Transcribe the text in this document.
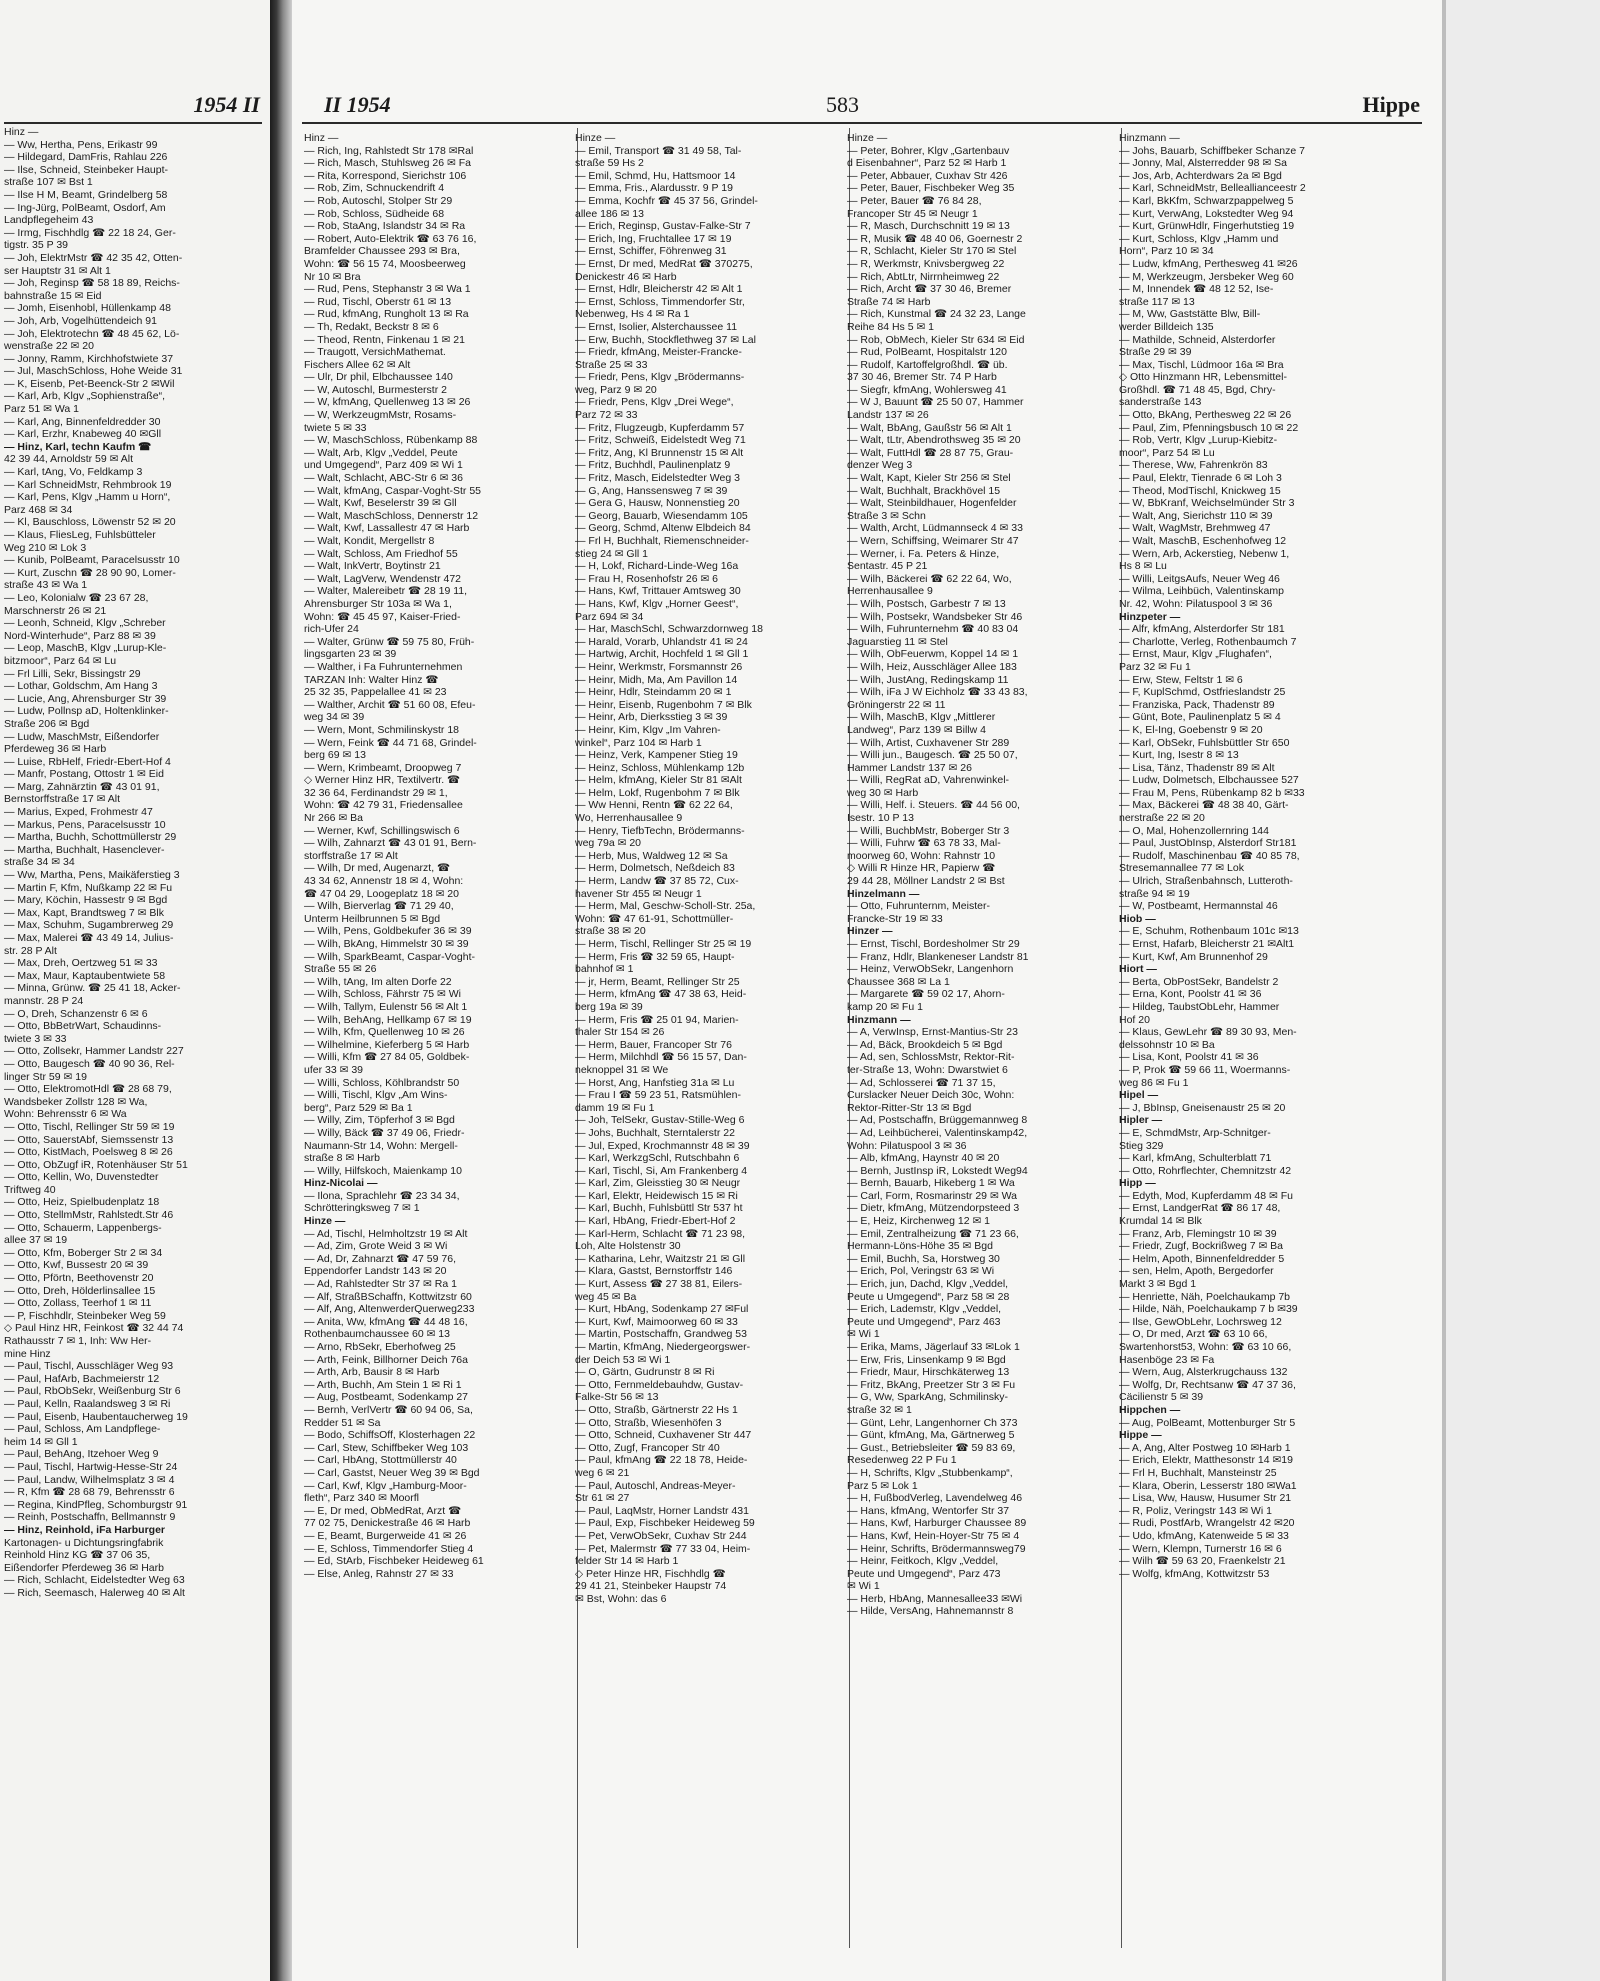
1954 II
Hinz —
— Ww, Hertha, Pens, Erikastr 99
— Hildegard, DamFris, Rahlau 226
— Ilse, Schneid, Steinbeker Haupt-
straße 107 ✉ Bst 1
— Ilse H M, Beamt, Grindelberg 58
— Ing-Jürg, PolBeamt, Osdorf, Am
Landpflegeheim 43
— Irmg, Fischhdlg ☎ 22 18 24, Ger-
tigstr. 35 P 39
— Joh, ElektrMstr ☎ 42 35 42, Otten-
ser Hauptstr 31 ✉ Alt 1
— Joh, Reginsp ☎ 58 18 89, Reichs-
bahnstraße 15 ✉ Eid
— Jomh, Eisenhobl, Hüllenkamp 48
— Joh, Arb, Vogelhüttendeich 91
— Joh, Elektrotechn ☎ 48 45 62, Lö-
wenstraße 22 ✉ 20
— Jonny, Ramm, Kirchhofstwiete 37
— Jul, MaschSchloss, Hohe Weide 31
— K, Eisenb, Pet-Beenck-Str 2 ✉Wil
— Karl, Arb, Klgv „Sophienstraße“,
Parz 51 ✉ Wa 1
— Karl, Ang, Binnenfeldredder 30
— Karl, Erzhr, Knabeweg 40 ✉Gll
— Hinz, Karl, techn Kaufm ☎
42 39 44, Arnoldstr 59 ✉ Alt
— Karl, tAng, Vo, Feldkamp 3
— Karl SchneidMstr, Rehmbrook 19
— Karl, Pens, Klgv „Hamm u Horn“,
Parz 468 ✉ 34
— Kl, Bauschloss, Löwenstr 52 ✉ 20
— Klaus, FliesLeg, Fuhlsbütteler
Weg 210 ✉ Lok 3
— Kunib, PolBeamt, Paracelsusstr 10
— Kurt, Zuschn ☎ 28 90 90, Lomer-
straße 43 ✉ Wa 1
— Leo, Kolonialw ☎ 23 67 28,
Marschnerstr 26 ✉ 21
— Leonh, Schneid, Klgv „Schreber
Nord-Winterhude“, Parz 88 ✉ 39
— Leop, MaschB, Klgv „Lurup-Kle-
bitzmoor“, Parz 64 ✉ Lu
— Frl Lilli, Sekr, Bissingstr 29
— Lothar, Goldschm, Am Hang 3
— Lucie, Ang, Ahrensburger Str 39
— Ludw, Pollnsp aD, Holtenklinker-
Straße 206 ✉ Bgd
— Ludw, MaschMstr, Eißendorfer
Pferdeweg 36 ✉ Harb
— Luise, RbHelf, Friedr-Ebert-Hof 4
— Manfr, Postang, Ottostr 1 ✉ Eid
— Marg, Zahnärztin ☎ 43 01 91,
Bernstorffstraße 17 ✉ Alt
— Marius, Exped, Frohmestr 47
— Markus, Pens, Paracelsusstr 10
— Martha, Buchh, Schottmüllerstr 29
— Martha, Buchhalt, Hasenclever-
straße 34 ✉ 34
— Ww, Martha, Pens, Maikäferstieg 3
— Martin F, Kfm, Nußkamp 22 ✉ Fu
— Mary, Köchin, Hassestr 9 ✉ Bgd
— Max, Kapt, Brandtsweg 7 ✉ Blk
— Max, Schuhm, Sugambrerweg 29
— Max, Malerei ☎ 43 49 14, Julius-
str. 28 P Alt
— Max, Dreh, Oertzweg 51 ✉ 33
— Max, Maur, Kaptaubentwiete 58
— Minna, Grünw. ☎ 25 41 18, Acker-
mannstr. 28 P 24
— O, Dreh, Schanzenstr 6 ✉ 6
— Otto, BbBetrWart, Schaudinns-
twiete 3 ✉ 33
— Otto, Zollsekr, Hammer Landstr 227
— Otto, Baugesch ☎ 40 90 36, Rel-
linger Str 59 ✉ 19
— Otto, ElektromotHdl ☎ 28 68 79,
Wandsbeker Zollstr 128 ✉ Wa,
Wohn: Behrensstr 6 ✉ Wa
— Otto, Tischl, Rellinger Str 59 ✉ 19
— Otto, SauerstAbf, Siemssenstr 13
— Otto, KistMach, Poelsweg 8 ✉ 26
— Otto, ObZugf iR, Rotenhäuser Str 51
— Otto, Kellin, Wo, Duvenstedter
Triftweg 40
— Otto, Heiz, Spielbudenplatz 18
— Otto, StellmMstr, Rahlstedt.Str 46
— Otto, Schauerm, Lappenbergs-
allee 37 ✉ 19
— Otto, Kfm, Boberger Str 2 ✉ 34
— Otto, Kwf, Bussestr 20 ✉ 39
— Otto, Pförtn, Beethovenstr 20
— Otto, Dreh, Hölderlinsallee 15
— Otto, Zollass, Teerhof 1 ✉ 11
— P, Fischhdlr, Steinbeker Weg 59
◇ Paul Hinz HR, Feinkost ☎ 32 44 74
Rathausstr 7 ✉ 1, Inh: Ww Her-
mine Hinz
— Paul, Tischl, Ausschläger Weg 93
— Paul, HafArb, Bachmeierstr 12
— Paul, RbObSekr, Weißenburg Str 6
— Paul, Kelln, Raalandsweg 3 ✉ Ri
— Paul, Eisenb, Haubentaucherweg 19
— Paul, Schloss, Am Landpflege-
heim 14 ✉ Gll 1
— Paul, BehAng, Itzehoer Weg 9
— Paul, Tischl, Hartwig-Hesse-Str 24
— Paul, Landw, Wilhelmsplatz 3 ✉ 4
— R, Kfm ☎ 28 68 79, Behrensstr 6
— Regina, KindPfleg, Schomburgstr 91
— Reinh, Postschaffn, Bellmannstr 9
— Hinz, Reinhold, iFa Harburger
Kartonagen- u Dichtungsringfabrik
Reinhold Hinz KG ☎ 37 06 35,
Eißendorfer Pferdeweg 36 ✉ Harb
— Rich, Schlacht, Eidelstedter Weg 63
— Rich, Seemasch, Halerweg 40 ✉ Alt
II 1954	583	Hippe
Hinz —
— Rich, Ing, Rahlstedt Str 178 ✉Ral
— Rich, Masch, Stuhlsweg 26 ✉ Fa
— Rita, Korrespond, Sierichstr 106
— Rob, Zim, Schnuckendrift 4
— Rob, Autoschl, Stolper Str 29
— Rob, Schloss, Südheide 68
— Rob, StaAng, Islandstr 34 ✉ Ra
— Robert, Auto-Elektrik ☎ 63 76 16,
Bramfelder Chaussee 293 ✉ Bra,
Wohn: ☎ 56 15 74, Moosbeerweg
Nr 10 ✉ Bra
— Rud, Pens, Stephanstr 3 ✉ Wa 1
— Rud, Tischl, Oberstr 61 ✉ 13
— Rud, kfmAng, Rungholt 13 ✉ Ra
— Th, Redakt, Beckstr 8 ✉ 6
— Theod, Rentn, Finkenau 1 ✉ 21
— Traugott, VersichMathemat.
Fischers Allee 62 ✉ Alt
— Ulr, Dr phil, Elbchaussee 140
— W, Autoschl, Burmesterstr 2
— W, kfmAng, Quellenweg 13 ✉ 26
— W, WerkzeugmMstr, Rosams-
twiete 5 ✉ 33
— W, MaschSchloss, Rübenkamp 88
— Walt, Arb, Klgv „Veddel, Peute
und Umgegend“, Parz 409 ✉ Wi 1
— Walt, Schlacht, ABC-Str 6 ✉ 36
— Walt, kfmAng, Caspar-Voght-Str 55
— Walt, Kwf, Beselerstr 39 ✉ Gll
— Walt, MaschSchloss, Dennerstr 12
— Walt, Kwf, Lassallestr 47 ✉ Harb
— Walt, Kondit, Mergellstr 8
— Walt, Schloss, Am Friedhof 55
— Walt, InkVertr, Boytinstr 21
— Walt, LagVerw, Wendenstr 472
— Walter, Malereibetr ☎ 28 19 11,
Ahrensburger Str 103a ✉ Wa 1,
Wohn: ☎ 45 45 97, Kaiser-Fried-
rich-Ufer 24
— Walter, Grünw ☎ 59 75 80, Früh-
lingsgarten 23 ✉ 39
— Walther, i Fa Fuhrunternehmen
TARZAN Inh: Walter Hinz ☎
25 32 35, Pappelallee 41 ✉ 23
— Walther, Archit ☎ 51 60 08, Efeu-
weg 34 ✉ 39
— Wern, Mont, Schmilinskystr 18
— Wern, Feink ☎ 44 71 68, Grindel-
berg 69 ✉ 13
— Wern, Krimbeamt, Droopweg 7
◇ Werner Hinz HR, Textilvertr. ☎
32 36 64, Ferdinandstr 29 ✉ 1,
Wohn: ☎ 42 79 31, Friedensallee
Nr 266 ✉ Ba
— Werner, Kwf, Schillingswisch 6
— Wilh, Zahnarzt ☎ 43 01 91, Bern-
storffstraße 17 ✉ Alt
— Wilh, Dr med, Augenarzt, ☎
43 34 62, Annenstr 18 ✉ 4, Wohn:
☎ 47 04 29, Loogeplatz 18 ✉ 20
— Wilh, Bierverlag ☎ 71 29 40,
Unterm Heilbrunnen 5 ✉ Bgd
— Wilh, Pens, Goldbekufer 36 ✉ 39
— Wilh, BkAng, Himmelstr 30 ✉ 39
— Wilh, SparkBeamt, Caspar-Voght-
Straße 55 ✉ 26
— Wilh, tAng, Im alten Dorfe 22
— Wilh, Schloss, Fährstr 75 ✉ Wi
— Wilh, Tallym, Eulenstr 56 ✉ Alt 1
— Wilh, BehAng, Hellkamp 67 ✉ 19
— Wilh, Kfm, Quellenweg 10 ✉ 26
— Wilhelmine, Kieferberg 5 ✉ Harb
— Willi, Kfm ☎ 27 84 05, Goldbek-
ufer 33 ✉ 39
— Willi, Schloss, Köhlbrandstr 50
— Willi, Tischl, Klgv „Am Wins-
berg“, Parz 529 ✉ Ba 1
— Willy, Zim, Töpferhof 3 ✉ Bgd
— Willy, Bäck ☎ 37 49 06, Friedr-
Naumann-Str 14, Wohn: Mergell-
straße 8 ✉ Harb
— Willy, Hilfskoch, Maienkamp 10
Hinz-Nicolai —
— Ilona, Sprachlehr ☎ 23 34 34,
Schrötteringksweg 7 ✉ 1
Hinze —
— Ad, Tischl, Helmholtzstr 19 ✉ Alt
— Ad, Zim, Grote Weid 3 ✉ Wi
— Ad, Dr, Zahnarzt ☎ 47 59 76,
Eppendorfer Landstr 143 ✉ 20
— Ad, Rahlstedter Str 37 ✉ Ra 1
— Alf, StraßBSchaffn, Kottwitzstr 60
— Alf, Ang, AltenwerderQuerweg233
— Anita, Ww, kfmAng ☎ 44 48 16,
Rothenbaumchaussee 60 ✉ 13
— Arno, RbSekr, Eberhofweg 25
— Arth, Feink, Billhorner Deich 76a
— Arth, Arb, Bausir 8 ✉ Harb
— Arth, Buchh, Am Stein 1 ✉ Ri 1
— Aug, Postbeamt, Sodenkamp 27
— Bernh, VerlVertr ☎ 60 94 06, Sa,
Redder 51 ✉ Sa
— Bodo, SchiffsOff, Klosterhagen 22
— Carl, Stew, Schiffbeker Weg 103
— Carl, HbAng, Stottmüllerstr 40
— Carl, Gastst, Neuer Weg 39 ✉ Bgd
— Carl, Kwf, Klgv „Hamburg-Moor-
fleth“, Parz 340 ✉ Moorfl
— E, Dr med, ObMedRat, Arzt ☎
77 02 75, Denickestraße 46 ✉ Harb
— E, Beamt, Burgerweide 41 ✉ 26
— E, Schloss, Timmendorfer Stieg 4
— Ed, StArb, Fischbeker Heideweg 61
— Else, Anleg, Rahnstr 27 ✉ 33
Hinze —
— Emil, Transport ☎ 31 49 58, Tal-
straße 59 Hs 2
— Emil, Schmd, Hu, Hattsmoor 14
— Emma, Fris., Alardusstr. 9 P 19
— Emma, Kochfr ☎ 45 37 56, Grindel-
allee 186 ✉ 13
— Erich, Reginsp, Gustav-Falke-Str 7
— Erich, Ing, Fruchtallee 17 ✉ 19
— Ernst, Schiffer, Föhrenweg 31
— Ernst, Dr med, MedRat ☎ 370275,
Denickestr 46 ✉ Harb
— Ernst, Hdlr, Bleicherstr 42 ✉ Alt 1
— Ernst, Schloss, Timmendorfer Str,
Nebenweg, Hs 4 ✉ Ra 1
— Ernst, Isolier, Alsterchaussee 11
— Erw, Buchh, Stockflethweg 37 ✉ Lal
— Friedr, kfmAng, Meister-Francke-
Straße 25 ✉ 33
— Friedr, Pens, Klgv „Brödermanns-
weg, Parz 9 ✉ 20
— Friedr, Pens, Klgv „Drei Wege“,
Parz 72 ✉ 33
— Fritz, Flugzeugb, Kupferdamm 57
— Fritz, Schweiß, Eidelstedt Weg 71
— Fritz, Ang, Kl Brunnenstr 15 ✉ Alt
— Fritz, Buchhdl, Paulinenplatz 9
— Fritz, Masch, Eidelstedter Weg 3
— G, Ang, Hanssensweg 7 ✉ 39
— Gera G, Hausw, Nonnenstieg 20
— Georg, Bauarb, Wiesendamm 105
— Georg, Schmd, Altenw Elbdeich 84
— Frl H, Buchhalt, Riemenschneider-
stieg 24 ✉ Gll 1
— H, Lokf, Richard-Linde-Weg 16a
— Frau H, Rosenhofstr 26 ✉ 6
— Hans, Kwf, Trittauer Amtsweg 30
— Hans, Kwf, Klgv „Horner Geest“,
Parz 694 ✉ 34
— Har, MaschSchl, Schwarzdornweg 18
— Harald, Vorarb, Uhlandstr 41 ✉ 24
— Hartwig, Archit, Hochfeld 1 ✉ Gll 1
— Heinr, Werkmstr, Forsmannstr 26
— Heinr, Midh, Ma, Am Pavillon 14
— Heinr, Hdlr, Steindamm 20 ✉ 1
— Heinr, Eisenb, Rugenbohm 7 ✉ Blk
— Heinr, Arb, Dierksstieg 3 ✉ 39
— Heinr, Kim, Klgv „Im Vahren-
winkel“, Parz 104 ✉ Harb 1
— Heinz, Verk, Kampener Stieg 19
— Heinz, Schloss, Mühlenkamp 12b
— Helm, kfmAng, Kieler Str 81 ✉Alt
— Helm, Lokf, Rugenbohm 7 ✉ Blk
— Ww Henni, Rentn ☎ 62 22 64,
Wo, Herrenhausallee 9
— Henry, TiefbTechn, Brödermanns-
weg 79a ✉ 20
— Herb, Mus, Waldweg 12 ✉ Sa
— Herm, Dolmetsch, Neßdeich 83
— Herm, Landw ☎ 37 85 72, Cux-
havener Str 455 ✉ Neugr 1
— Herm, Mal, Geschw-Scholl-Str. 25a,
Wohn: ☎ 47 61-91, Schottmüller-
straße 38 ✉ 20
— Herm, Tischl, Rellinger Str 25 ✉ 19
— Herm, Fris ☎ 32 59 65, Haupt-
bahnhof ✉ 1
— jr, Herm, Beamt, Rellinger Str 25
— Herm, kfmAng ☎ 47 38 63, Heid-
berg 19a ✉ 39
— Herm, Fris ☎ 25 01 94, Marien-
thaler Str 154 ✉ 26
— Herm, Bauer, Francoper Str 76
— Herm, Milchhdl ☎ 56 15 57, Dan-
neknoppel 31 ✉ We
— Horst, Ang, Hanfstieg 31a ✉ Lu
— Frau I ☎ 59 23 51, Ratsmühlen-
damm 19 ✉ Fu 1
— Joh, TelSekr, Gustav-Stille-Weg 6
— Johs, Buchhalt, Sterntalerstr 22
— Jul, Exped, Krochmannstr 48 ✉ 39
— Karl, WerkzgSchl, Rutschbahn 6
— Karl, Tischl, Si, Am Frankenberg 4
— Karl, Zim, Gleisstieg 30 ✉ Neugr
— Karl, Elektr, Heidewisch 15 ✉ Ri
— Karl, Buchh, Fuhlsbüttl Str 537 ht
— Karl, HbAng, Friedr-Ebert-Hof 2
— Karl-Herm, Schlacht ☎ 71 23 98,
Loh, Alte Holstenstr 30
— Katharina, Lehr, Waitzstr 21 ✉ Gll
— Klara, Gastst, Bernstorffstr 146
— Kurt, Assess ☎ 27 38 81, Eilers-
weg 45 ✉ Ba
— Kurt, HbAng, Sodenkamp 27 ✉Ful
— Kurt, Kwf, Maimoorweg 60 ✉ 33
— Martin, Postschaffn, Grandweg 53
— Martin, KfmAng, Niedergeorgswer-
der Deich 53 ✉ Wi 1
— O, Gärtn, Gudrunstr 8 ✉ Ri
— Otto, Fernmeldebauhdw, Gustav-
Falke-Str 56 ✉ 13
— Otto, Straßb, Gärtnerstr 22 Hs 1
— Otto, Straßb, Wiesenhöfen 3
— Otto, Schneid, Cuxhavener Str 447
— Otto, Zugf, Francoper Str 40
— Paul, kfmAng ☎ 22 18 78, Heide-
weg 6 ✉ 21
— Paul, Autoschl, Andreas-Meyer-
Str 61 ✉ 27
— Paul, LaqMstr, Horner Landstr 431
— Paul, Exp, Fischbeker Heideweg 59
— Pet, VerwObSekr, Cuxhav Str 244
— Pet, Malermstr ☎ 77 33 04, Heim-
felder Str 14 ✉ Harb 1
◇ Peter Hinze HR, Fischhdlg ☎
29 41 21, Steinbeker Haupstr 74
✉ Bst, Wohn: das 6
Hinze —
— Peter, Bohrer, Klgv „Gartenbauv
d Eisenbahner“, Parz 52 ✉ Harb 1
— Peter, Abbauer, Cuxhav Str 426
— Peter, Bauer, Fischbeker Weg 35
— Peter, Bauer ☎ 76 84 28,
Francoper Str 45 ✉ Neugr 1
— R, Masch, Durchschnitt 19 ✉ 13
— R, Musik ☎ 48 40 06, Goernestr 2
— R, Schlacht, Kieler Str 170 ✉ Stel
— R, Werkmstr, Knivsbergweg 22
— Rich, AbtLtr, Nirrnheimweg 22
— Rich, Archt ☎ 37 30 46, Bremer
Straße 74 ✉ Harb
— Rich, Kunstmal ☎ 24 32 23, Lange
Reihe 84 Hs 5 ✉ 1
— Rob, ObMech, Kieler Str 634 ✉ Eid
— Rud, PolBeamt, Hospitalstr 120
— Rudolf, Kartoffelgroßhdl. ☎ üb.
37 30 46, Bremer Str. 74 P Harb
— Siegfr, kfmAng, Wohlersweg 41
— W J, Bauunt ☎ 25 50 07, Hammer
Landstr 137 ✉ 26
— Walt, BbAng, Gaußstr 56 ✉ Alt 1
— Walt, tLtr, Abendrothsweg 35 ✉ 20
— Walt, FuttHdl ☎ 28 87 75, Grau-
denzer Weg 3
— Walt, Kapt, Kieler Str 256 ✉ Stel
— Walt, Buchhalt, Brackhövel 15
— Walt, Steinbildhauer, Hogenfelder
Straße 3 ✉ Schn
— Walth, Archt, Lüdmannseck 4 ✉ 33
— Wern, Schiffsing, Weimarer Str 47
— Werner, i. Fa. Peters & Hinze,
Sentastr. 45 P 21
— Wilh, Bäckerei ☎ 62 22 64, Wo,
Herrenhausallee 9
— Wilh, Postsch, Garbestr 7 ✉ 13
— Wilh, Postsekr, Wandsbeker Str 46
— Wilh, Fuhrunternehm ☎ 40 83 04
Jaguarstieg 11 ✉ Stel
— Wilh, ObFeuerwm, Koppel 14 ✉ 1
— Wilh, Heiz, Ausschläger Allee 183
— Wilh, JustAng, Redingskamp 11
— Wilh, iFa J W Eichholz ☎ 33 43 83,
Gröningerstr 22 ✉ 11
— Wilh, MaschB, Klgv „Mittlerer
Landweg“, Parz 139 ✉ Billw 4
— Wilh, Artist, Cuxhavener Str 289
— Willi jun., Baugesch. ☎ 25 50 07,
Hammer Landstr 137 ✉ 26
— Willi, RegRat aD, Vahrenwinkel-
weg 30 ✉ Harb
— Willi, Helf. i. Steuers. ☎ 44 56 00,
Isestr. 10 P 13
— Willi, BuchbMstr, Boberger Str 3
— Willi, Fuhrw ☎ 63 78 33, Mal-
moorweg 60, Wohn: Rahnstr 10
◇ Willi R Hinze HR, Papierw ☎
29 44 28, Möllner Landstr 2 ✉ Bst
Hinzelmann —
— Otto, Fuhrunternm, Meister-
Francke-Str 19 ✉ 33
Hinzer —
— Ernst, Tischl, Bordesholmer Str 29
— Franz, Hdlr, Blankeneser Landstr 81
— Heinz, VerwObSekr, Langenhorn
Chaussee 368 ✉ La 1
— Margarete ☎ 59 02 17, Ahorn-
kamp 20 ✉ Fu 1
Hinzmann —
— A, VerwInsp, Ernst-Mantius-Str 23
— Ad, Bäck, Brookdeich 5 ✉ Bgd
— Ad, sen, SchlossMstr, Rektor-Rit-
ter-Straße 13, Wohn: Dwarstwiet 6
— Ad, Schlosserei ☎ 71 37 15,
Curslacker Neuer Deich 30c, Wohn:
Rektor-Ritter-Str 13 ✉ Bgd
— Ad, Postschaffn, Brüggemannweg 8
— Ad, Leihbücherei, Valentinskamp42,
Wohn: Pilatuspool 3 ✉ 36
— Alb, kfmAng, Haynstr 40 ✉ 20
— Bernh, JustInsp iR, Lokstedt Weg94
— Bernh, Bauarb, Hikeberg 1 ✉ Wa
— Carl, Form, Rosmarinstr 29 ✉ Wa
— Dietr, kfmAng, Mützendorpsteed 3
— E, Heiz, Kirchenweg 12 ✉ 1
— Emil, Zentralheizung ☎ 71 23 66,
Hermann-Löns-Höhe 35 ✉ Bgd
— Emil, Buchh, Sa, Horstweg 30
— Erich, Pol, Veringstr 63 ✉ Wi
— Erich, jun, Dachd, Klgv „Veddel,
Peute u Umgegend“, Parz 58 ✉ 28
— Erich, Lademstr, Klgv „Veddel,
Peute und Umgegend“, Parz 463
✉ Wi 1
— Erika, Mams, Jägerlauf 33 ✉Lok 1
— Erw, Fris, Linsenkamp 9 ✉ Bgd
— Friedr, Maur, Hirschkäterweg 13
— Fritz, BkAng, Preetzer Str 3 ✉ Fu
— G, Ww, SparkAng, Schmilinsky-
straße 32 ✉ 1
— Günt, Lehr, Langenhorner Ch 373
— Günt, kfmAng, Ma, Gärtnerweg 5
— Gust., Betriebsleiter ☎ 59 83 69,
Resedenweg 22 P Fu 1
— H, Schrifts, Klgv „Stubbenkamp“,
Parz 5 ✉ Lok 1
— H, FußbodVerleg, Lavendelweg 46
— Hans, kfmAng, Wentorfer Str 37
— Hans, Kwf, Harburger Chaussee 89
— Hans, Kwf, Hein-Hoyer-Str 75 ✉ 4
— Heinr, Schrifts, Brödermannsweg79
— Heinr, Feitkoch, Klgv „Veddel,
Peute und Umgegend“, Parz 473
✉ Wi 1
— Herb, HbAng, Mannesallee33 ✉Wi
— Hilde, VersAng, Hahnemannstr 8
Hinzmann —
— Johs, Bauarb, Schiffbeker Schanze 7
— Jonny, Mal, Alsterredder 98 ✉ Sa
— Jos, Arb, Achterdwars 2a ✉ Bgd
— Karl, SchneidMstr, Belleallianceestr 2
— Karl, BkKfm, Schwarzpappelweg 5
— Kurt, VerwAng, Lokstedter Weg 94
— Kurt, GrünwHdlr, Fingerhutstieg 19
— Kurt, Schloss, Klgv „Hamm und
Horn“, Parz 10 ✉ 34
— Ludw, kfmAng, Perthesweg 41 ✉26
— M, Werkzeugm, Jersbeker Weg 60
— M, Innendek ☎ 48 12 52, Ise-
straße 117 ✉ 13
— M, Ww, Gaststätte Blw, Bill-
werder Billdeich 135
— Mathilde, Schneid, Alsterdorfer
Straße 29 ✉ 39
— Max, Tischl, Lüdmoor 16a ✉ Bra
◇ Otto Hinzmann HR, Lebensmittel-
Großhdl. ☎ 71 48 45, Bgd, Chry-
sanderstraße 143
— Otto, BkAng, Perthesweg 22 ✉ 26
— Paul, Zim, Pfenningsbusch 10 ✉ 22
— Rob, Vertr, Klgv „Lurup-Kiebitz-
moor“, Parz 54 ✉ Lu
— Therese, Ww, Fahrenkrön 83
— Paul, Elektr, Tienrade 6 ✉ Loh 3
— Theod, ModTischl, Knickweg 15
— W, BbKranf, Weichselmünder Str 3
— Walt, Ang, Sierichstr 110 ✉ 39
— Walt, WagMstr, Brehmweg 47
— Walt, MaschB, Eschenhofweg 12
— Wern, Arb, Ackerstieg, Nebenw 1,
Hs 8 ✉ Lu
— Willi, LeitgsAufs, Neuer Weg 46
— Wilma, Leihbüch, Valentinskamp
Nr. 42, Wohn: Pilatuspool 3 ✉ 36
Hinzpeter —
— Alfr, kfmAng, Alsterdorfer Str 181
— Charlotte, Verleg, Rothenbaumch 7
— Ernst, Maur, Klgv „Flughafen“,
Parz 32 ✉ Fu 1
— Erw, Stew, Feltstr 1 ✉ 6
— F, KuplSchmd, Ostfrieslandstr 25
— Franziska, Pack, Thadenstr 89
— Günt, Bote, Paulinenplatz 5 ✉ 4
— K, El-Ing, Goebenstr 9 ✉ 20
— Karl, ObSekr, Fuhlsbüttler Str 650
— Kurt, Ing, Isestr 8 ✉ 13
— Lisa, Tänz, Thadenstr 89 ✉ Alt
— Ludw, Dolmetsch, Elbchaussee 527
— Frau M, Pens, Rübenkamp 82 b ✉33
— Max, Bäckerei ☎ 48 38 40, Gärt-
nerstraße 22 ✉ 20
— O, Mal, Hohenzollernring 144
— Paul, JustObInsp, Alsterdorf Str181
— Rudolf, Maschinenbau ☎ 40 85 78,
Stresemannallee 77 ✉ Lok
— Ulrich, Straßenbahnsch, Lutteroth-
straße 94 ✉ 19
— W, Postbeamt, Hermannstal 46
Hiob —
— E, Schuhm, Rothenbaum 101c ✉13
— Ernst, Hafarb, Bleicherstr 21 ✉Alt1
— Kurt, Kwf, Am Brunnenhof 29
Hiort —
— Berta, ObPostSekr, Bandelstr 2
— Erna, Kont, Poolstr 41 ✉ 36
— Hildeg, TaubstObLehr, Hammer
Hof 20
— Klaus, GewLehr ☎ 89 30 93, Men-
delssohnstr 10 ✉ Ba
— Lisa, Kont, Poolstr 41 ✉ 36
— P, Prok ☎ 59 66 11, Woermanns-
weg 86 ✉ Fu 1
Hipel —
— J, BbInsp, Gneisenaustr 25 ✉ 20
Hipler —
— E, SchmdMstr, Arp-Schnitger-
Stieg 329
— Karl, kfmAng, Schulterblatt 71
— Otto, Rohrflechter, Chemnitzstr 42
Hipp —
— Edyth, Mod, Kupferdamm 48 ✉ Fu
— Ernst, LandgerRat ☎ 86 17 48,
Krumdal 14 ✉ Blk
— Franz, Arb, Flemingstr 10 ✉ 39
— Friedr, Zugf, Bockrißweg 7 ✉ Ba
— Helm, Apoth, Binnenfeldredder 5
— sen, Helm, Apoth, Bergedorfer
Markt 3 ✉ Bgd 1
— Henriette, Näh, Poelchaukamp 7b
— Hilde, Näh, Poelchaukamp 7 b ✉39
— Ilse, GewObLehr, Lochrsweg 12
— O, Dr med, Arzt ☎ 63 10 66,
Swartenhorst53, Wohn: ☎ 63 10 66,
Hasenböge 23 ✉ Fa
— Wern, Aug, Alsterkrugchauss 132
— Wolfg, Dr, Rechtsanw ☎ 47 37 36,
Cäcilienstr 5 ✉ 39
Hippchen —
— Aug, PolBeamt, Mottenburger Str 5
Hippe —
— A, Ang, Alter Postweg 10 ✉Harb 1
— Erich, Elektr, Matthesonstr 14 ✉19
— Frl H, Buchhalt, Mansteinstr 25
— Klara, Oberin, Lesserstr 180 ✉Wa1
— Lisa, Ww, Hausw, Husumer Str 21
— R, Poliz, Veringstr 143 ✉ Wi 1
— Rudi, PostfArb, Wrangelstr 42 ✉20
— Udo, kfmAng, Katenweide 5 ✉ 33
— Wern, Klempn, Turnerstr 16 ✉ 6
— Wilh ☎ 59 63 20, Fraenkelstr 21
— Wolfg, kfmAng, Kottwitzstr 53
